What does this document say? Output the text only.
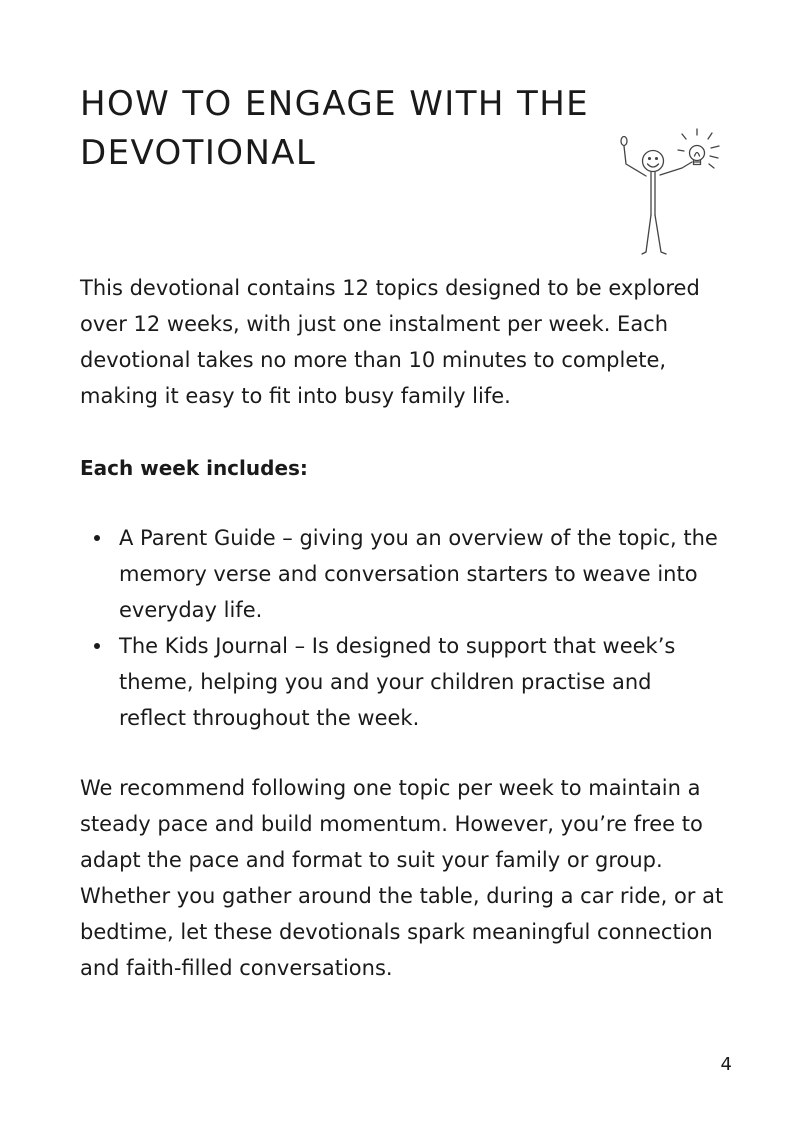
HOW TO ENGAGE WITH THE DEVOTIONAL

This devotional contains 12 topics designed to be explored over 12 weeks, with just one instalment per week. Each devotional takes no more than 10 minutes to complete, making it easy to fit into busy family life.

Each week includes:

A Parent Guide – giving you an overview of the topic, the memory verse and conversation starters to weave into everyday life.
The Kids Journal – Is designed to support that week’s theme, helping you and your children practise and reflect throughout the week.

We recommend following one topic per week to maintain a steady pace and build momentum. However, you’re free to adapt the pace and format to suit your family or group. Whether you gather around the table, during a car ride, or at bedtime, let these devotionals spark meaningful connection and faith-filled conversations.

4
